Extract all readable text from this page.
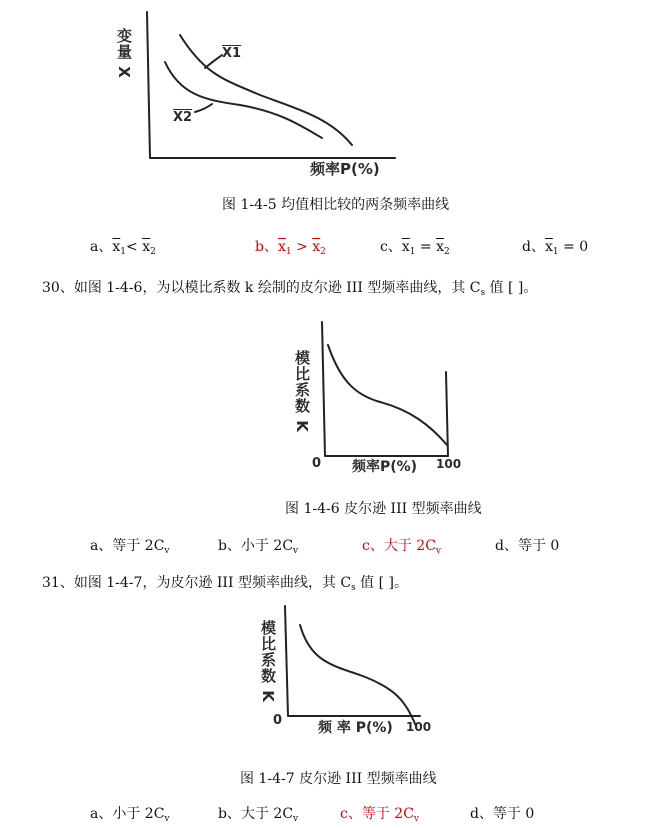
变量 X
频率P(%)
X1
X2
图 1-4-5 均值相比较的两条频率曲线
a、$\overline{x}_1< \overline{x}_2$	b、$\overline{x}_1 > \overline{x}_2$	c、$\overline{x}_1 = \overline{x}_2$	d、$\overline{x}_1 = 0$
30、如图 1-4-6，为以模比系数 k 绘制的皮尔逊 III 型频率曲线，其 $C_s$ 值 [ ]。
模比系数 K
0 频率P(%) 100
图 1-4-6 皮尔逊 III 型频率曲线
a、等于 $2C_v$	b、小于 $2C_v$	c、大于 $2C_v$	d、等于 0
31、如图 1-4-7，为皮尔逊 III 型频率曲线，其 $C_s$ 值 [ ]。
模比系数 K
0	频 率 P(%) 100
图 1-4-7 皮尔逊 III 型频率曲线
a、小于 $2C_v$	b、大于 $2C_v$	c、等于 $2C_v$	d、等于 0
